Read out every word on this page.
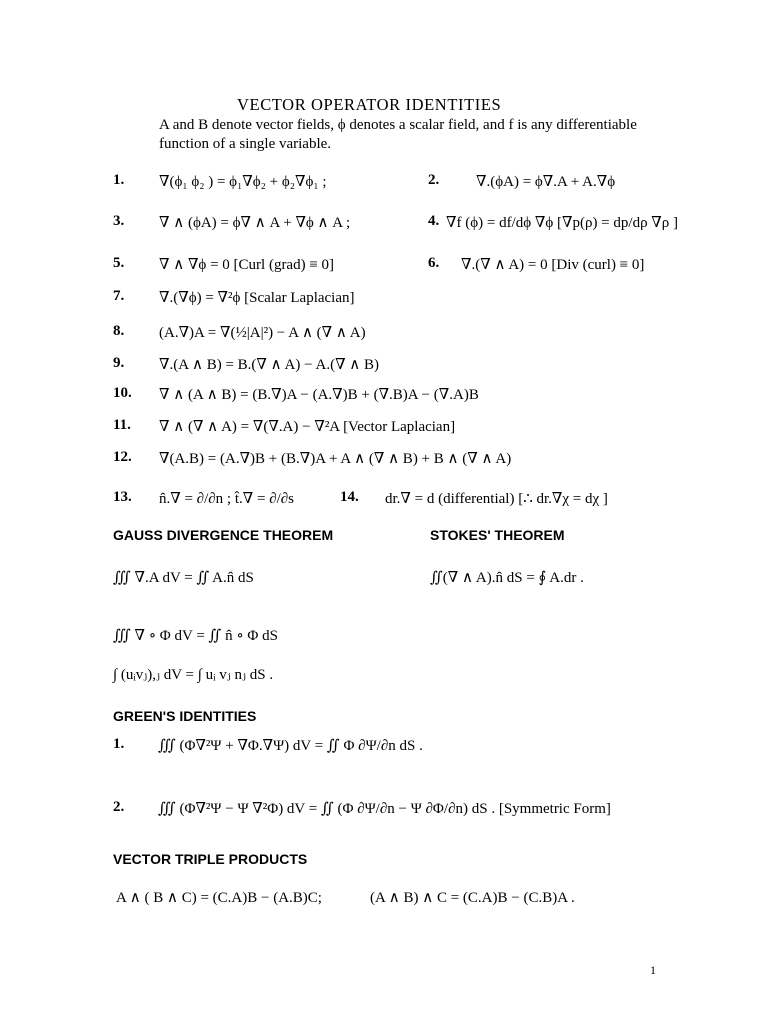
VECTOR OPERATOR IDENTITIES
A and B denote vector fields, ϕ denotes a scalar field, and f is any differentiable
function of a single variable.
1. ∇(ϕ₁ ϕ₂ ) = ϕ₁∇ϕ₂ + ϕ₂∇ϕ₁ ;	2. ∇.(ϕA) = ϕ∇.A + A.∇ϕ
3. ∇ ∧ (ϕA) = ϕ∇ ∧ A + ∇ϕ ∧ A ;	4. ∇f (ϕ) = df/dϕ ∇ϕ [∇p(ρ) = dp/dρ ∇ρ ]
5. ∇ ∧ ∇ϕ = 0 [Curl (grad) ≡ 0]	6. ∇.(∇ ∧ A) = 0 [Div (curl) ≡ 0]
7. ∇.(∇ϕ) = ∇²ϕ [Scalar Laplacian]
8. (A.∇)A = ∇(½|A|²) − A ∧ (∇ ∧ A)
9. ∇.(A ∧ B) = B.(∇ ∧ A) − A.(∇ ∧ B)
10. ∇ ∧ (A ∧ B) = (B.∇)A − (A.∇)B + (∇.B)A − (∇.A)B
11. ∇ ∧ (∇ ∧ A) = ∇(∇.A) − ∇²A [Vector Laplacian]
12. ∇(A.B) = (A.∇)B + (B.∇)A + A ∧ (∇ ∧ B) + B ∧ (∇ ∧ A)
13. n̂.∇ = ∂/∂n ; t̂.∇ = ∂/∂s	14. dr.∇ = d (differential) [∴ dr.∇χ = dχ ]
GAUSS DIVERGENCE THEOREM
∭ ∇.A dV = ∬ A.n̂ dS
∭ ∇ ∘ Φ dV = ∬ n̂ ∘ Φ dS
∫ (uᵢvⱼ),ⱼ dV = ∫ uᵢ vⱼ nⱼ dS .
STOKES' THEOREM
∬(∇ ∧ A).n̂ dS = ∮ A.dr .
GREEN'S IDENTITIES
1. ∭ (Φ∇²Ψ + ∇Φ.∇Ψ) dV = ∬ Φ ∂Ψ/∂n dS .
2. ∭ (Φ∇²Ψ − Ψ ∇²Φ) dV = ∬ (Φ ∂Ψ/∂n − Ψ ∂Φ/∂n) dS . [Symmetric Form]
VECTOR TRIPLE PRODUCTS
A ∧ ( B ∧ C) = (C.A)B − (A.B)C;	(A ∧ B) ∧ C = (C.A)B − (C.B)A .
1
